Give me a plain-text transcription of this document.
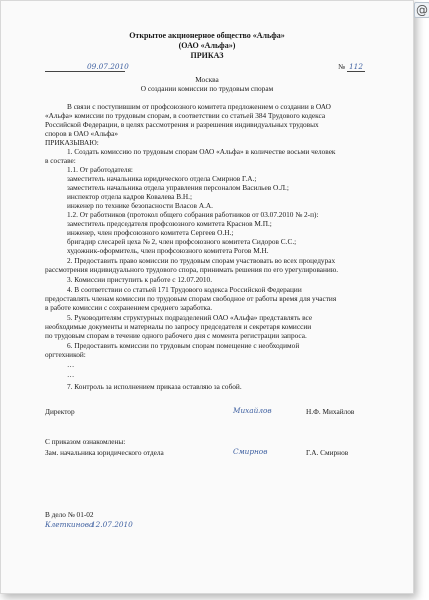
Открытое акционерное общество «Альфа»
(ОАО «Альфа»)
ПРИКАЗ
09.07.2010	№ 112
Москва
О создании комиссии по трудовым спорам
В связи с поступившим от профсоюзного комитета предложением о создании в ОАО
«Альфа» комиссии по трудовым спорам, в соответствии со статьей 384 Трудового кодекса
Российской Федерации, в целях рассмотрения и разрешения индивидуальных трудовых
споров в ОАО «Альфа»
ПРИКАЗЫВАЮ:
1. Создать комиссию по трудовым спорам ОАО «Альфа» в количестве восьми человек
в составе:
1.1. От работодателя:
заместитель начальника юридического отдела Смирнов Г.А.;
заместитель начальника отдела управления персоналом Васильев О.Л.;
инспектор отдела кадров Ковалева В.Н.;
инженер по технике безопасности Власов А.А.
1.2. От работников (протокол общего собрания работников от 03.07.2010 № 2-п):
заместитель председателя профсоюзного комитета Краснов М.П.;
инженер, член профсоюзного комитета Сергеев О.Н.;
бригадир слесарей цеха № 2, член профсоюзного комитета Сидоров С.С.;
художник-оформитель, член профсоюзного комитета Рогов М.Н.
2. Предоставить право комиссии по трудовым спорам участвовать во всех процедурах
рассмотрения индивидуального трудового спора, принимать решения по его урегулированию.
3. Комиссии приступить к работе с 12.07.2010.
4. В соответствии со статьей 171 Трудового кодекса Российской Федерации
предоставлять членам комиссии по трудовым спорам свободное от работы время для участия
в работе комиссии с сохранением среднего заработка.
5. Руководителям структурных подразделений ОАО «Альфа» представлять все
необходимые документы и материалы по запросу председателя и секретаря комиссии
по трудовым спорам в течение одного рабочего дня с момента регистрации запроса.
6. Предоставить комиссии по трудовым спорам помещение с необходимой
оргтехникой:
…
…
7. Контроль за исполнением приказа оставляю за собой.
Директор	Михайлов	Н.Ф. Михайлов
С приказом ознакомлены:
Зам. начальника юридического отдела	Смирнов	Г.А. Смирнов
В дело № 01-02
Клеткинова
12.07.2010
@
